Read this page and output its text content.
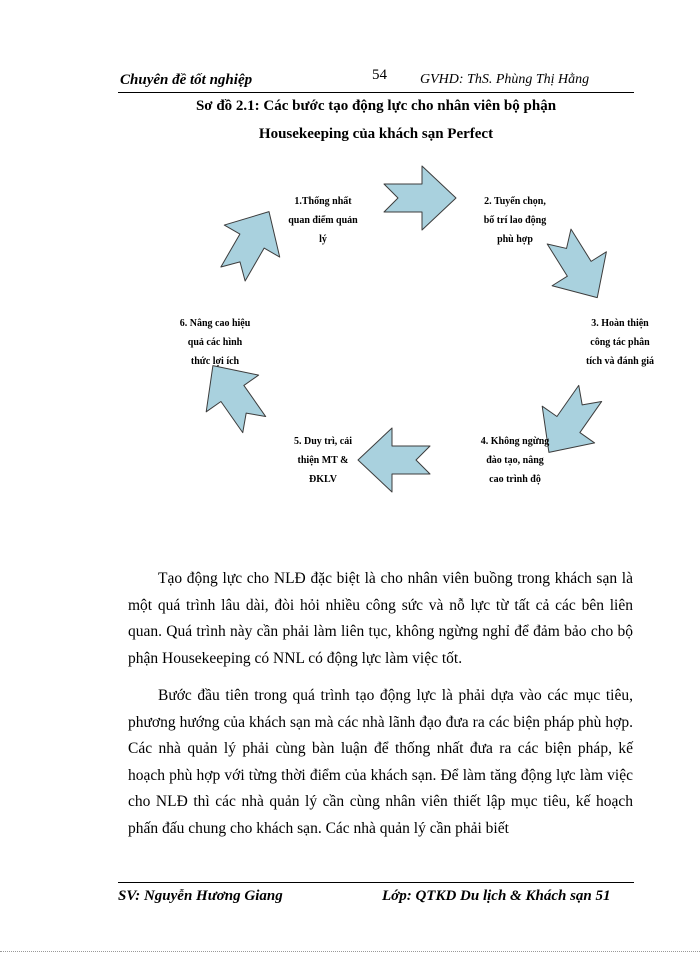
Chuyên đề tốt nghiệp	54 GVHD: ThS. Phùng Thị Hằng
Sơ đồ 2.1: Các bước tạo động lực cho nhân viên bộ phận
Housekeeping của khách sạn Perfect
1.Thống nhất
quan điểm quản
lý
2. Tuyển chọn,
bố trí lao động
phù hợp
3. Hoàn thiện
công tác phân
tích và đánh giá
4. Không ngừng
đào tạo, nâng
cao trình độ
5. Duy trì, cải
thiện MT &
ĐKLV
6. Nâng cao hiệu
quả các hình
thức lợi ích
Tạo động lực cho NLĐ đặc biệt là cho nhân viên buồng trong khách sạn là một quá trình lâu dài, đòi hỏi nhiều công sức và nỗ lực từ tất cả các bên liên quan. Quá trình này cần phải làm liên tục, không ngừng nghỉ để đảm bảo cho bộ phận Housekeeping có NNL có động lực làm việc tốt.
Bước đầu tiên trong quá trình tạo động lực là phải dựa vào các mục tiêu, phương hướng của khách sạn mà các nhà lãnh đạo đưa ra các biện pháp phù hợp. Các nhà quản lý phải cùng bàn luận để thống nhất đưa ra các biện pháp, kế hoạch phù hợp với từng thời điểm của khách sạn. Để làm tăng động lực làm việc cho NLĐ thì các nhà quản lý cần cùng nhân viên thiết lập mục tiêu, kế hoạch phấn đấu chung cho khách sạn. Các nhà quản lý cần phải biết
SV: Nguyễn Hương Giang	Lớp: QTKD Du lịch & Khách sạn 51
